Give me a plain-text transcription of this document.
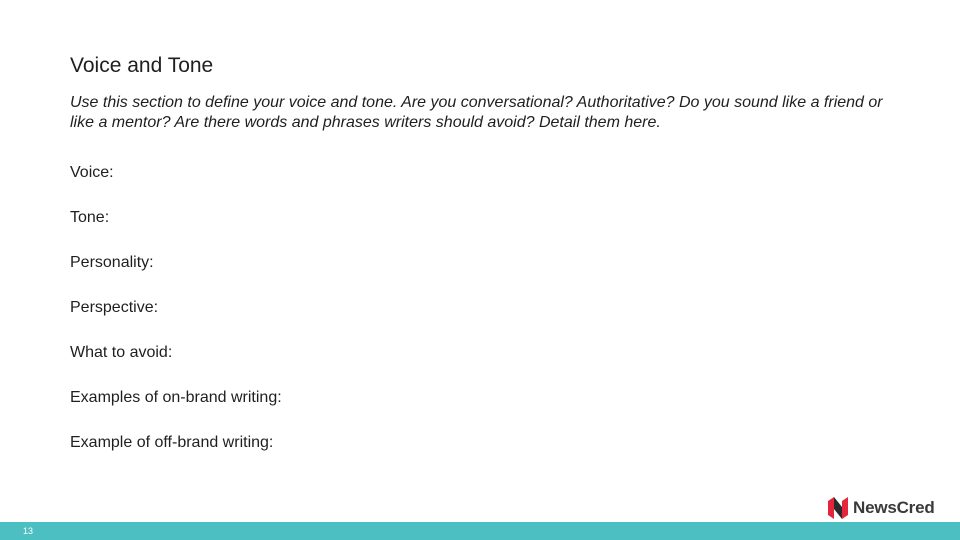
Voice and Tone
Use this section to define your voice and tone. Are you conversational? Authoritative? Do you sound like a friend or like a mentor? Are there words and phrases writers should avoid? Detail them here.
Voice:
Tone:
Personality:
Perspective:
What to avoid:
Examples of on-brand writing:
Example of off-brand writing:
NewsCred
13
